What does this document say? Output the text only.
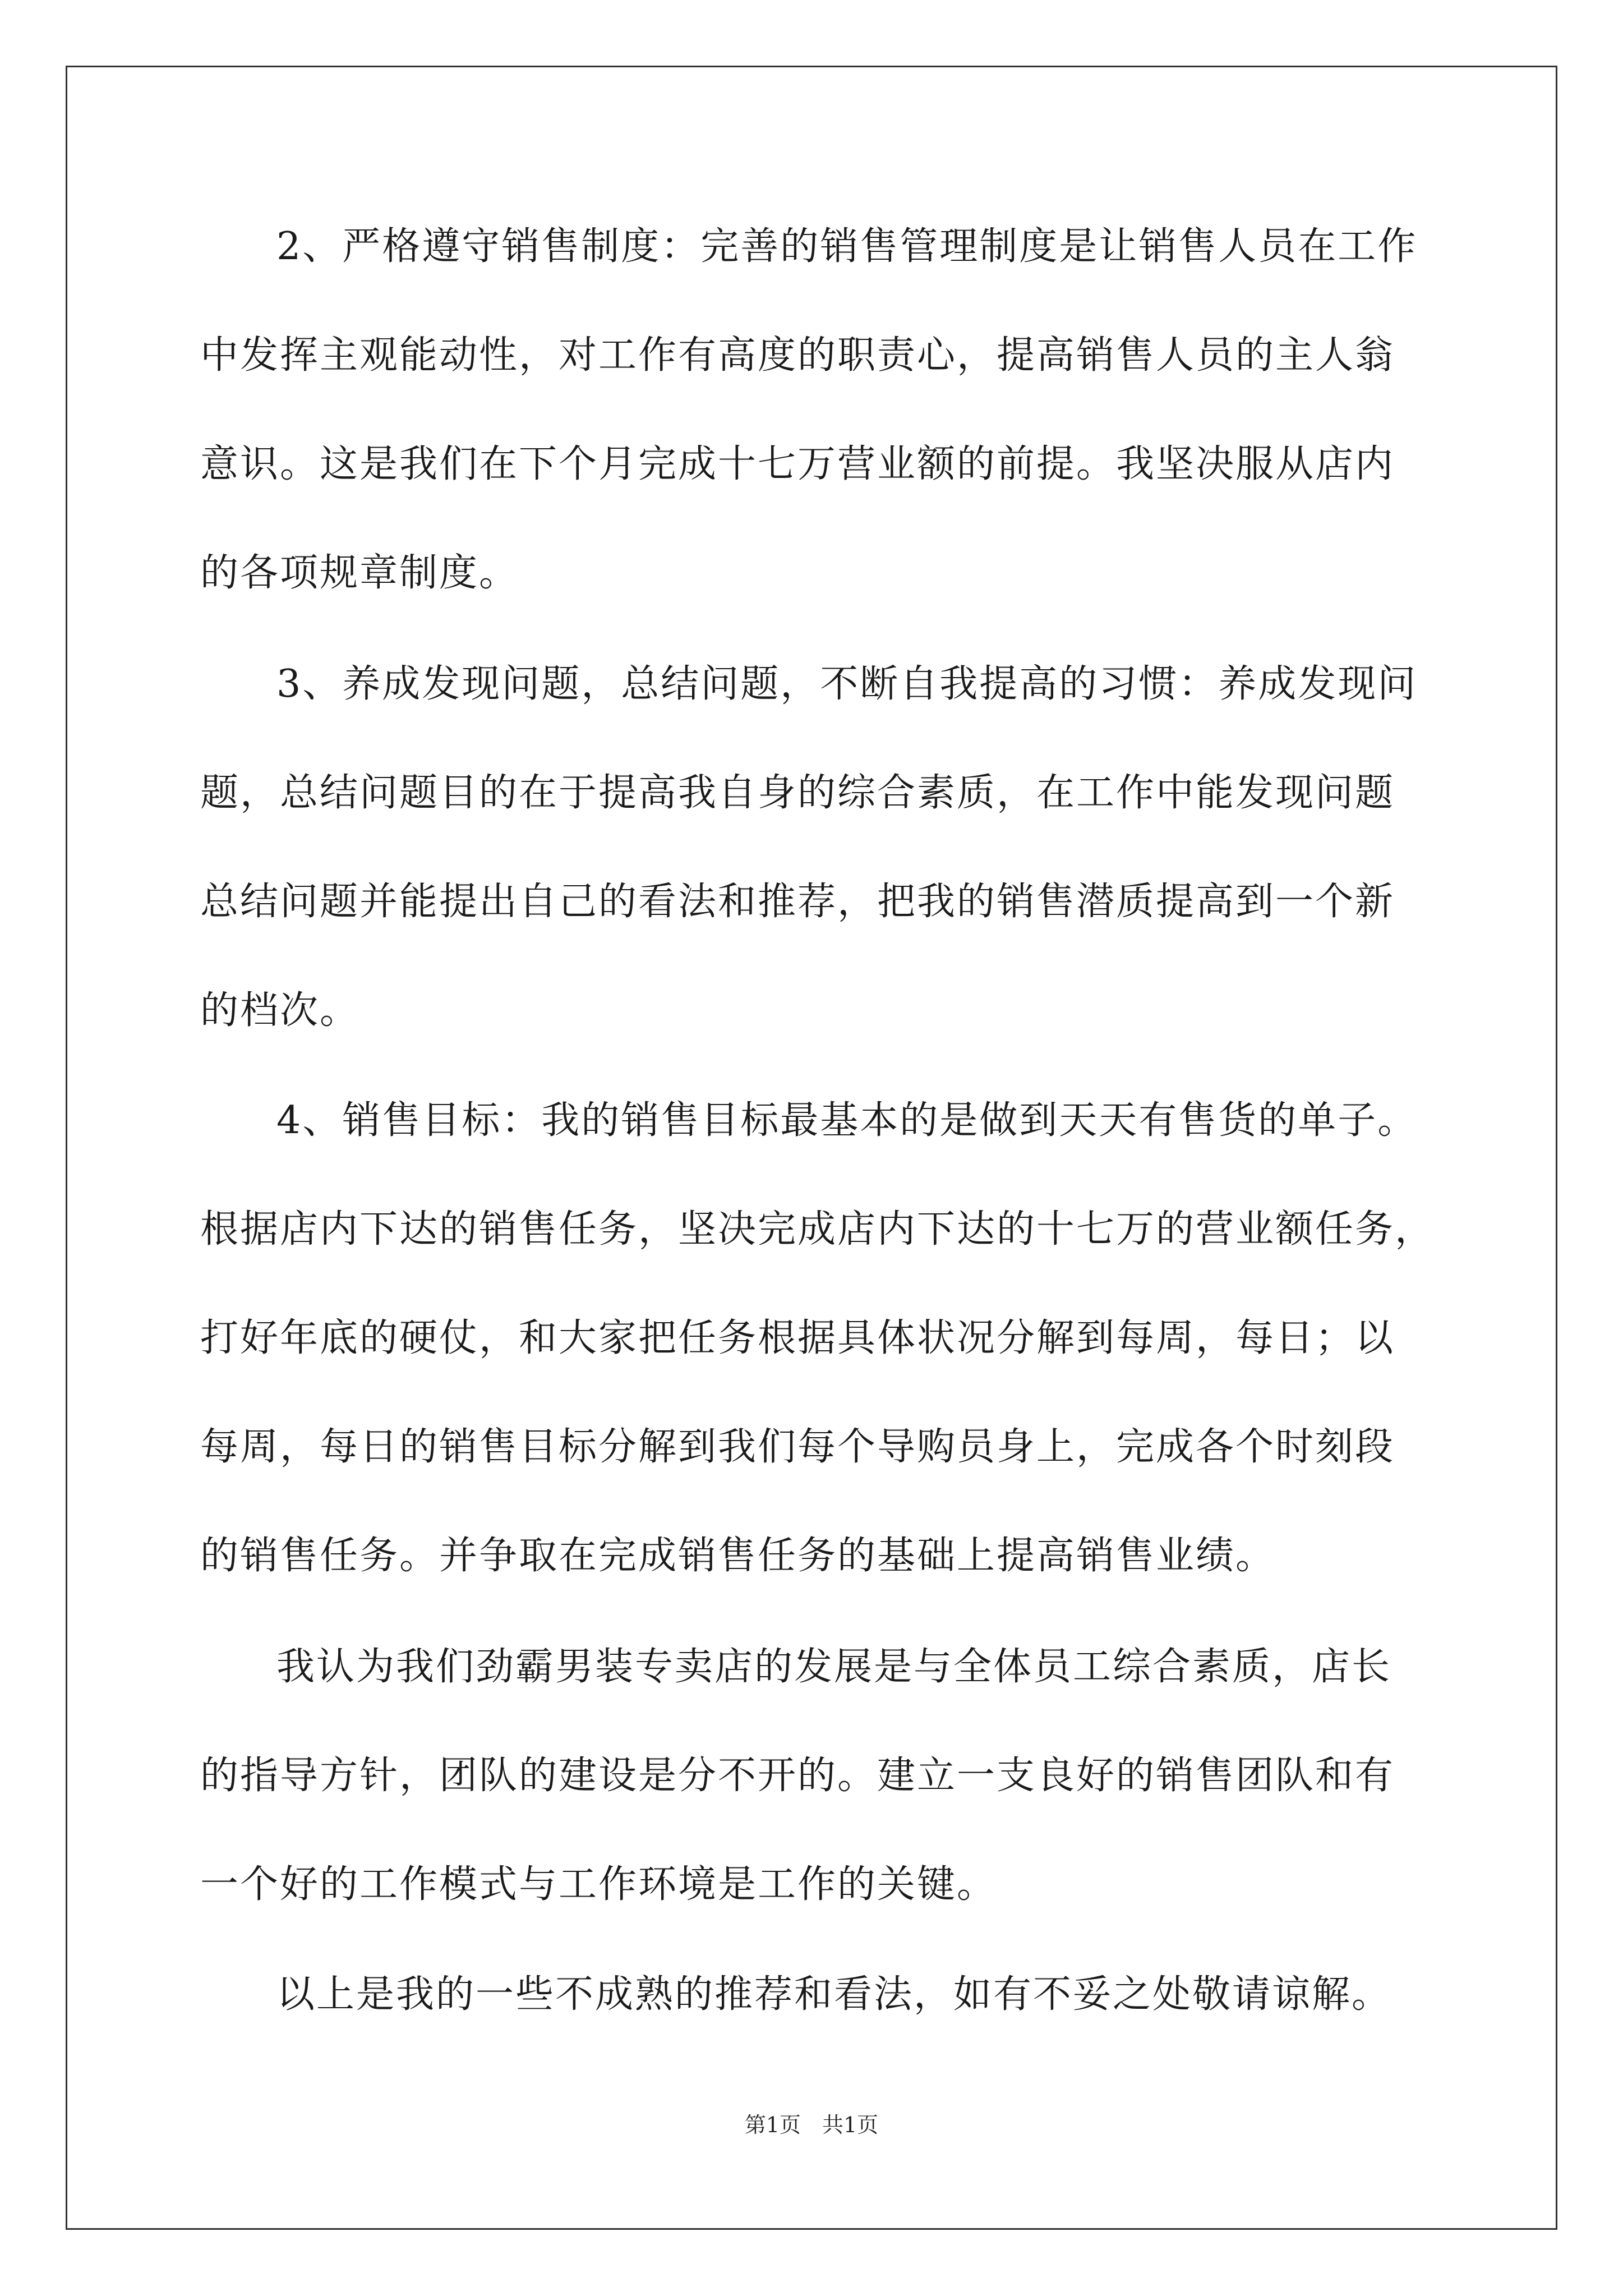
2、严格遵守销售制度：完善的销售管理制度是让销售人员在工作
中发挥主观能动性，对工作有高度的职责心，提高销售人员的主人翁
意识。这是我们在下个月完成十七万营业额的前提。我坚决服从店内
的各项规章制度。
3、养成发现问题，总结问题，不断自我提高的习惯：养成发现问
题，总结问题目的在于提高我自身的综合素质，在工作中能发现问题
总结问题并能提出自己的看法和推荐，把我的销售潜质提高到一个新
的档次。
4、销售目标：我的销售目标最基本的是做到天天有售货的单子。
根据店内下达的销售任务，坚决完成店内下达的十七万的营业额任务，
打好年底的硬仗，和大家把任务根据具体状况分解到每周，每日；以
每周，每日的销售目标分解到我们每个导购员身上，完成各个时刻段
的销售任务。并争取在完成销售任务的基础上提高销售业绩。
我认为我们劲霸男装专卖店的发展是与全体员工综合素质，店长
的指导方针，团队的建设是分不开的。建立一支良好的销售团队和有
一个好的工作模式与工作环境是工作的关键。
以上是我的一些不成熟的推荐和看法，如有不妥之处敬请谅解。
第1页　共1页
